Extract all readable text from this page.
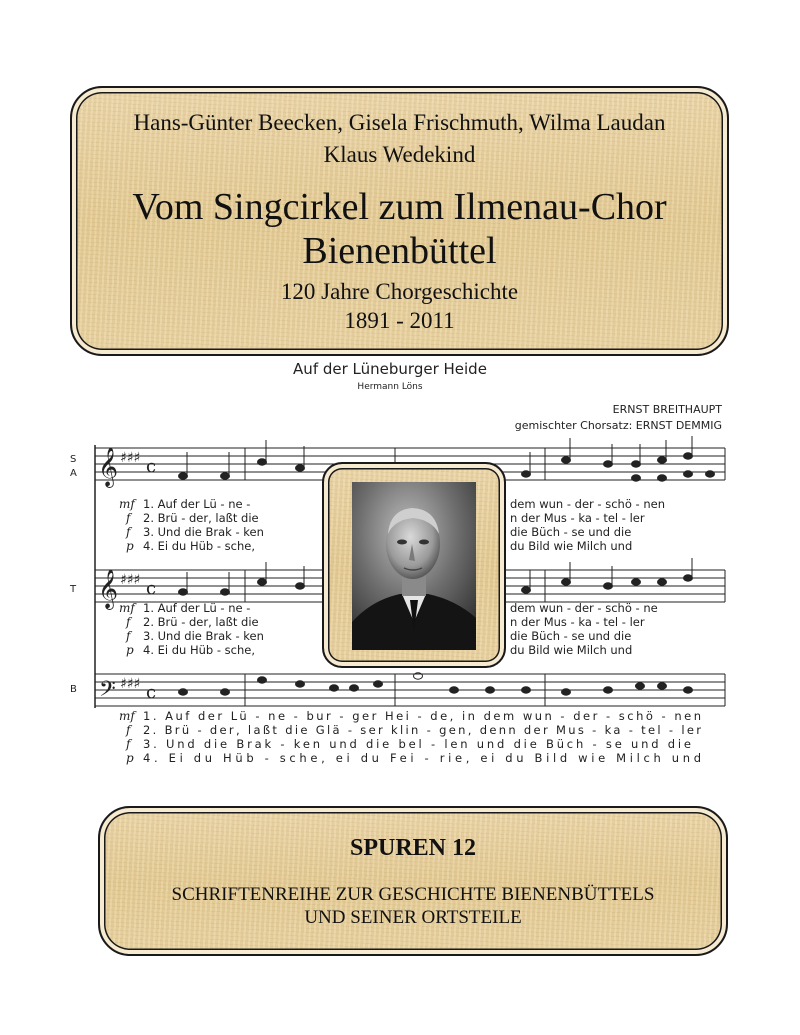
Auf der Lüneburger Heide
Hermann Löns
ERNST BREITHAUPT
gemischter Chorsatz: ERNST DEMMIG
S
A
T
B
𝄞
𝄞
𝄢
♯♯♯
♯♯♯
♯♯♯
c
c
c
mf
f
f
p
mf
f
f
p
mf
f
f
p
1. Auf der Lü - ne -
2. Brü - der, laßt die
3. Und die Brak - ken
4. Ei du Hüb - sche,
dem wun - der - schö - nen
n der Mus - ka - tel - ler
die Büch - se und die
du Bild wie Milch und
1. Auf der Lü - ne -
2. Brü - der, laßt die
3. Und die Brak - ken
4. Ei du Hüb - sche,
dem wun - der - schö - ne
n der Mus - ka - tel - ler
die Büch - se und die
du Bild wie Milch und
1. Auf der Lü - ne - bur - ger Hei - de, in dem wun - der - schö - nen
2. Brü - der, laßt die Glä - ser klin - gen, denn der Mus - ka - tel - ler
3. Und die Brak - ken und die bel - len und die Büch - se und die
4. Ei du Hüb - sche, ei du Fei - rie, ei du Bild wie Milch und
Hans-Günter Beecken, Gisela Frischmuth, Wilma Laudan
Klaus Wedekind
Vom Singcirkel zum Ilmenau-Chor
Bienenbüttel
120 Jahre Chorgeschichte
1891 - 2011
SPUREN 12
SCHRIFTENREIHE ZUR GESCHICHTE BIENENBÜTTELS
UND SEINER ORTSTEILE
